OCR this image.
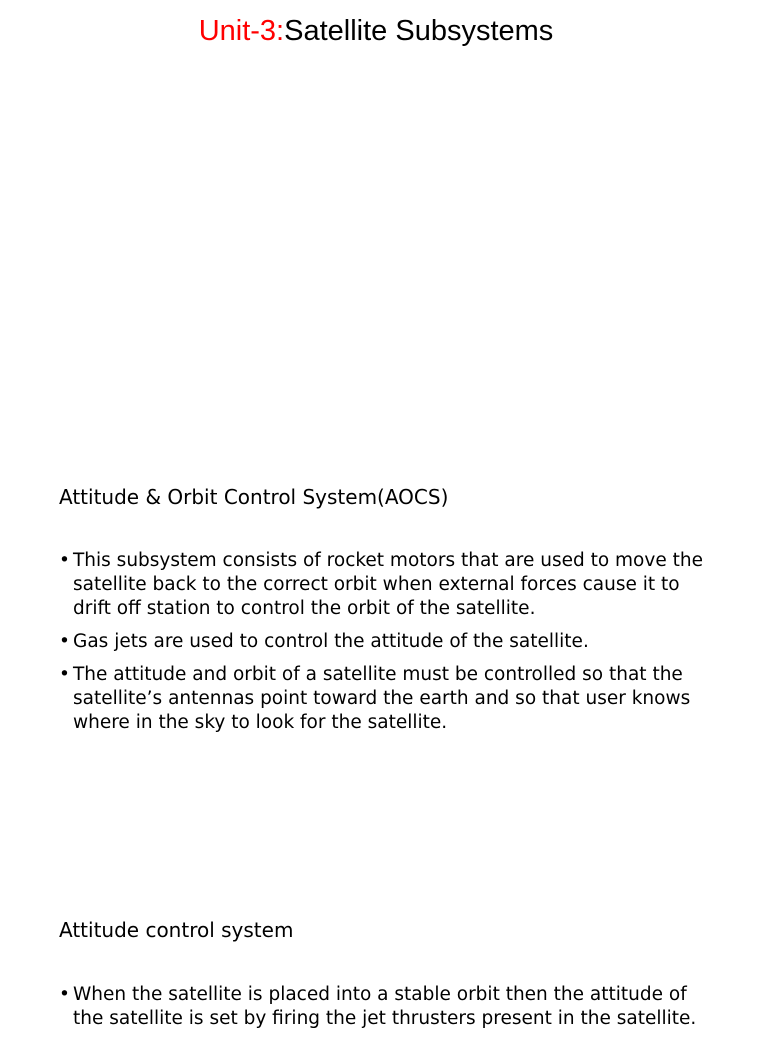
Unit-3:Satellite Subsystems
Attitude & Orbit Control System(AOCS)
• This subsystem consists of rocket motors that are used to move the satellite back to the correct orbit when external forces cause it to drift off station to control the orbit of the satellite.
• Gas jets are used to control the attitude of the satellite.
• The attitude and orbit of a satellite must be controlled so that the satellite’s antennas point toward the earth and so that user knows where in the sky to look for the satellite.
Attitude control system
• When the satellite is placed into a stable orbit then the attitude of the satellite is set by firing the jet thrusters present in the satellite.
